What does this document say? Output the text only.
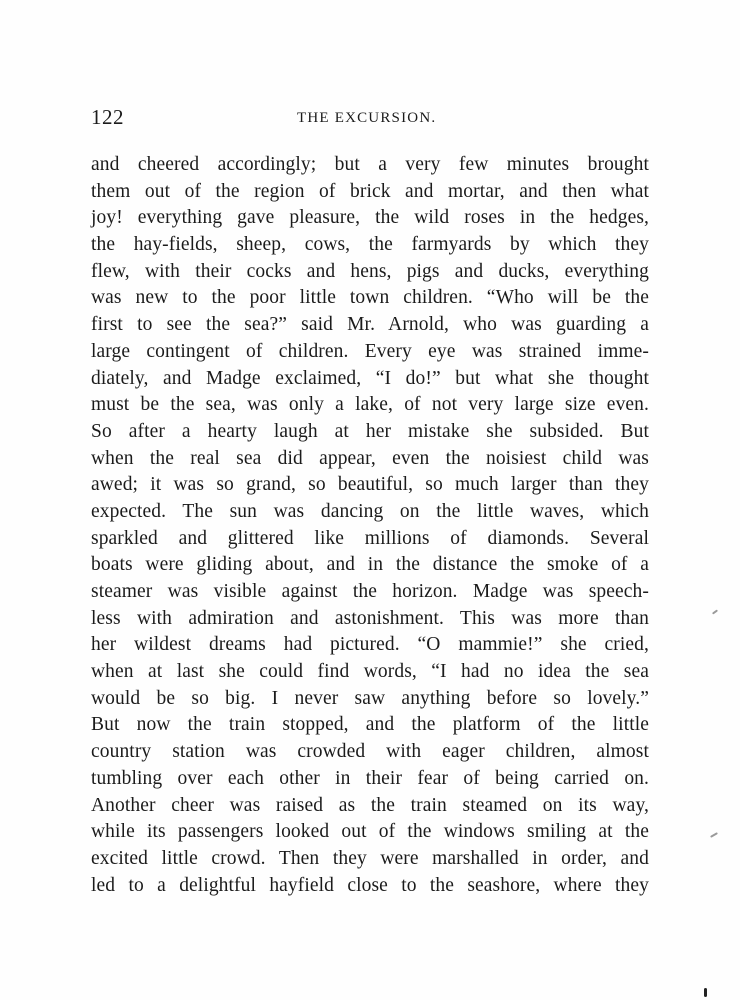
122	THE EXCURSION.
and cheered accordingly; but a very few minutes brought
them out of the region of brick and mortar, and then what
joy! everything gave pleasure, the wild roses in the hedges,
the hay-fields, sheep, cows, the farmyards by which they
flew, with their cocks and hens, pigs and ducks, everything
was new to the poor little town children. “Who will be the
first to see the sea?” said Mr. Arnold, who was guarding a
large contingent of children. Every eye was strained imme-
diately, and Madge exclaimed, “I do!” but what she thought
must be the sea, was only a lake, of not very large size even.
So after a hearty laugh at her mistake she subsided. But
when the real sea did appear, even the noisiest child was
awed; it was so grand, so beautiful, so much larger than they
expected. The sun was dancing on the little waves, which
sparkled and glittered like millions of diamonds. Several
boats were gliding about, and in the distance the smoke of a
steamer was visible against the horizon. Madge was speech-
less with admiration and astonishment. This was more than
her wildest dreams had pictured. “O mammie!” she cried,
when at last she could find words, “I had no idea the sea
would be so big. I never saw anything before so lovely.”
But now the train stopped, and the platform of the little
country station was crowded with eager children, almost
tumbling over each other in their fear of being carried on.
Another cheer was raised as the train steamed on its way,
while its passengers looked out of the windows smiling at the
excited little crowd. Then they were marshalled in order, and
led to a delightful hayfield close to the seashore, where they
